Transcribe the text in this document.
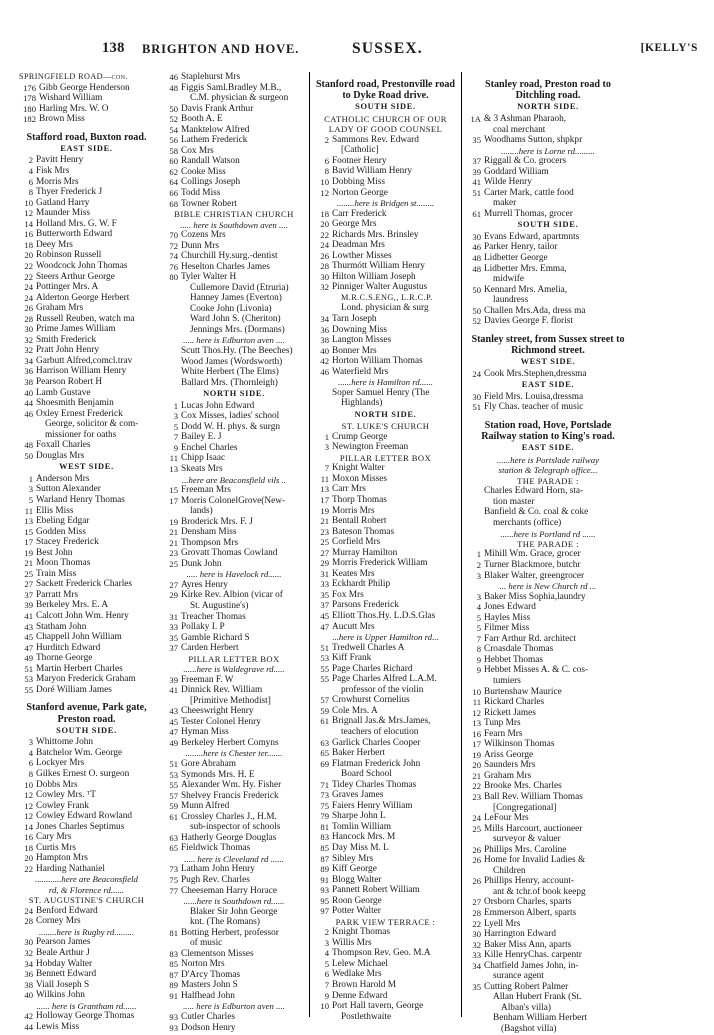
138 BRIGHTON AND HOVE.	SUSSEX.	[KELLY'S
SPRINGFIELD ROAD—con.
176 Gibb George Henderson
178 Wishard William
180 Harling Mrs. W. O
182 Brown Miss
Stafford road, Buxton road.
EAST SIDE.
2 Pavitt Henry
4 Fisk Mrs
6 Morris Mrs
8 Thyer Frederick J
10 Gatland Harry
12 Maunder Miss
14 Holland Mrs. G. W. F
16 Butterworth Edward
18 Deey Mrs
20 Robinson Russell
22 Woodcock John Thomas
22 Steers Arthur George
24 Pottinger Mrs. A
24 Alderton George Herbert
26 Graham Mrs
28 Russell Reuben, watch ma
30 Prime James William
32 Smith Frederick
32 Pratt John Henry
34 Garbutt Alfred,comcl.trav
36 Harrison William Henry
38 Pearson Robert H
40 Lamb Gustave
44 Shoesmith Benjamin
46 Oxley Ernest Frederick
George, solicitor & com-
missioner for oaths
48 Foxall Charles
50 Douglas Mrs
WEST SIDE.
1 Anderson Mrs
3 Sutton Alexander
5 Warland Henry Thomas
11 Ellis Miss
13 Ebeling Edgar
15 Godden Miss
17 Stacey Frederick
19 Best John
21 Moon Thomas
25 Train Miss
27 Sackett Frederick Charles
37 Parratt Mrs
39 Berkeley Mrs. E. A
41 Calcott John Wm. Henry
43 Statham John
45 Chappell John William
47 Hurditch Edward
49 Thorne George
51 Martin Herbert Charles
53 Maryon Frederick Graham
55 Doré William James
Stanford avenue, Park gate, Preston road.
SOUTH SIDE.
3 Whittome John
4 Batchelor Wm. George
6 Lockyer Mrs
8 Gilkes Ernest O. surgeon
10 Dobbs Mrs
12 Cowley Mrs. ᵀT
12 Cowley Frank
12 Cowley Edward Rowland
14 Jones Charles Septimus
16 Cary Mrs
18 Curtis Mrs
20 Hampton Mrs
22 Harding Nathaniel
............here are Beaconsfield
rd, & Florence rd......
ST. AUGUSTINE'S CHURCH
24 Benford Edward
28 Corney Mrs
........here is Rugby rd.........
30 Pearson James
32 Beale Arthur J
34 Hobday Walter
36 Bennett Edward
38 Viall Joseph S
40 Wilkins John
...... here is Grantham rd......
42 Holloway George Thomas
44 Lewis Miss
46 Staplehurst Mrs
48 Figgis Saml.Bradley M.B.,
C.M. physician & surgeon
50 Davis Frank Arthur
52 Booth A. E
54 Manktelow Alfred
56 Lathem Frederick
58 Cox Mrs
60 Randall Watson
62 Cooke Miss
64 Collings Joseph
66 Todd Miss
68 Towner Robert
BIBLE CHRISTIAN CHURCH
..... here is Southdown aven ....
70 Cozens Mrs
72 Dunn Mrs
74 Churchill Hy.surg.-dentist
76 Heselton Charles James
80 Tyler Walter H
Cullemore David (Etruria)
Hanney James (Everton)
Cooke John (Livonia)
Ward John S. (Cheriton)
Jennings Mrs. (Dormans)
..... here is Edburton aven ....
Scutt Thos.Hy. (The Beeches)
Wood James (Wordsworth)
White Herbert (The Elms)
Ballard Mrs. (Thornleigh)
NORTH SIDE.
1 Lucas John Edward
3 Cox Misses, ladies' school
5 Dodd W. H. phys. & surgn
7 Bailey E. J
9 Enchel Charles
11 Chipp Isaac
13 Skeats Mrs
...here are Beaconsfield vils ..
15 Freeman Mrs
17 Morris ColonelGrove(New-
lands)
19 Broderick Mrs. F. J
21 Densham Miss
21 Thompson Mrs
23 Grovatt Thomas Cowland
25 Dunk John
..... here is Havelock rd......
27 Ayres Henry
29 Kirke Rev. Albion (vicar of
St. Augustine's)
31 Treacher Thomas
33 Pollaky I. P
35 Gamble Richard S
37 Carden Herbert
PILLAR LETTER BOX
......here is Waldegrave rd.....
39 Freeman F. W
41 Dinnick Rev. William
[Primitive Methodist]
43 Cheeswright Henry
45 Tester Colonel Henry
47 Hyman Miss
49 Berkeley Herbert Comyns
........here is Chester ter.......
51 Gore Abraham
53 Symonds Mrs. H. E
55 Alexander Wm. Hy. Fisher
57 Shelvey Francis Frederick
59 Munn Alfred
61 Crossley Charles J., H.M.
sub-inspector of schools
63 Hatherly George Douglas
65 Fieldwick Thomas
..... here is Cleveland rd ......
73 Latham John Henry
75 Pugh Rev. Charles
77 Cheeseman Harry Horace
......here is Southdown rd......
Blaker Sir John George
knt. (The Romans)
81 Botting Herbert, professor
of music
83 Clementson Misses
85 Norton Mrs
87 D'Arcy Thomas
89 Masters John S
91 Halfhead John
..... here is Edburton aven ....
93 Cutler Charles
93 Dodson Henry
Stanford road, Prestonville road to Dyke Road drive.
SOUTH SIDE.
CATHOLIC CHURCH OF OUR
LADY OF GOOD COUNSEL
2 Sammons Rev. Edward
[Catholic]
6 Footner Henry
8 Bavid William Henry
10 Dobbing Miss
12 Norton George
........here is Bridgen st........
18 Carr Frederick
20 George Mrs
22 Richards Mrs. Brinsley
24 Deadman Mrs
26 Lowther Misses
28 Thurmótt William Henry
30 Hilton William Joseph
32 Pinniger Walter Augustus
M.R.C.S.ENG,, L.R.C.P.
Lond. physician & surg
34 Tarn Joseph
36 Downing Miss
38 Langton Misses
40 Bonner Mrs
42 Horton William Thomas
46 Waterfield Mrs
......here is Hamilton rd......
Soper Samuel Henry (The
Highlands)
NORTH SIDE.
ST. LUKE'S CHURCH
1 Crump George
3 Newington Freeman
PILLAR LETTER BOX
7 Knight Walter
11 Moxon Misses
13 Carr Mrs
17 Thorp Thomas
19 Morris Mrs
21 Bentall Robert
23 Bateson Thomas
25 Corfield Mrs
27 Murray Hamilton
29 Morris Frederick William
31 Keates Mrs
33 Eckhardt Philip
35 Fox Mrs
37 Parsons Frederick
45 Elliott Thos.Hy. L.D.S.Glas
47 Aucutt Mrs
...here is Upper Hamilton rd...
51 Tredwell Charles A
53 Kiff Frank
55 Page Charles Richard
55 Page Charles Alfred L.A.M.
professor of the violin
57 Crowhurst Cornelius
59 Cole Mrs. A
61 Brignall Jas.& Mrs.James,
teachers of elocution
63 Garlick Charles Cooper
65 Baker Herbert
69 Flatman Frederick John
Board School
71 Tidey Charles Thomas
73 Graves James
75 Faiers Henry William
79 Sharpe John L
81 Tomlin William
83 Hancock Mrs. M
85 Day Miss M. L
87 Sibley Mrs
89 Kiff George
91 Blogg Walter
93 Pannett Robert William
95 Roon George
97 Potter Walter
PARK VIEW TERRACE :
2 Knight Thomas
3 Willis Mrs
4 Thompson Rev. Geo. M.A
5 Lelew Michael
6 Wedlake Mrs
7 Brown Harold M
9 Denne Edward
10 Port Hall tavern, George
Postlethwaite
Stanley road, Preston road to Ditchling road.
NORTH SIDE.
1A & 3 Ashman Pharaoh,
coal merchant
35 Woodhams Sutton, shpkpr
........here is Lorne rd.........
37 Riggall & Co. grocers
39 Goddard William
41 Wilde Henry
51 Carter Mark, cattle food
maker
61 Murrell Thomas, grocer
SOUTH SIDE.
30 Evans Edward, apartmnts
46 Parker Henry, tailor
48 Lidbetter George
48 Lidbetter Mrs. Emma,
midwife
50 Kennard Mrs. Amelia,
laundress
50 Challen Mrs.Ada, dress ma
52 Davies George F. florist
Stanley street, from Sussex street to Richmond street.
WEST SIDE.
24 Cook Mrs.Stephen,dressma
EAST SIDE.
30 Field Mrs. Louisa,dressma
51 Fly Chas. teacher of music
Station road, Hove, Portslade Railway station to King's road.
EAST SIDE.
......here is Portslade railway
station & Telegraph office...
THE PARADE :
Charles Edward Horn, sta-
tion master
Banfield & Co. coal & coke
merchants (office)
......here is Portland rd ......
THE PARADE :
1 Mihill Wm. Grace, grocer
2 Turner Blackmore, butchr
3 Blaker Walter, greengrocer
... here is New Church rd ...
3 Baker Miss Sophia,laundry
4 Jones Edward
5 Hayles Miss
5 Filmer Miss
7 Farr Arthur Rd. architect
8 Croasdale Thomas
9 Hebbet Thomas
9 Hebbet Misses A. & C. cos-
tumiers
10 Burtenshaw Maurice
11 Rickard Charles
12 Rickett James
13 Tunp Mrs
16 Fearn Mrs
17 Wilkinson Thomas
19 Ariss George
20 Saunders Mrs
21 Graham Mrs
22 Brooke Mrs. Charles
23 Ball Rev. William Thomas
[Congregational]
24 LeFour Mrs
25 Mills Harcourt, auctioneer
surveyor & valuer
26 Phillips Mrs. Caroline
26 Home for Invalid Ladies &
Children
26 Phillips Henry, account-
ant & tchr.of book keepg
27 Orsborn Charles, sparts
28 Emmerson Albert, sparts
22 Lyell Mrs
30 Harrington Edward
32 Baker Miss Ann, aparts
33 Kille HenryChas. carpentr
34 Chatfield James John, in-
surance agent
35 Cutting Robert Palmer
Allan Hubert Frank (St.
Alban's villa)
Benham William Herbert
(Bagshot villa)
